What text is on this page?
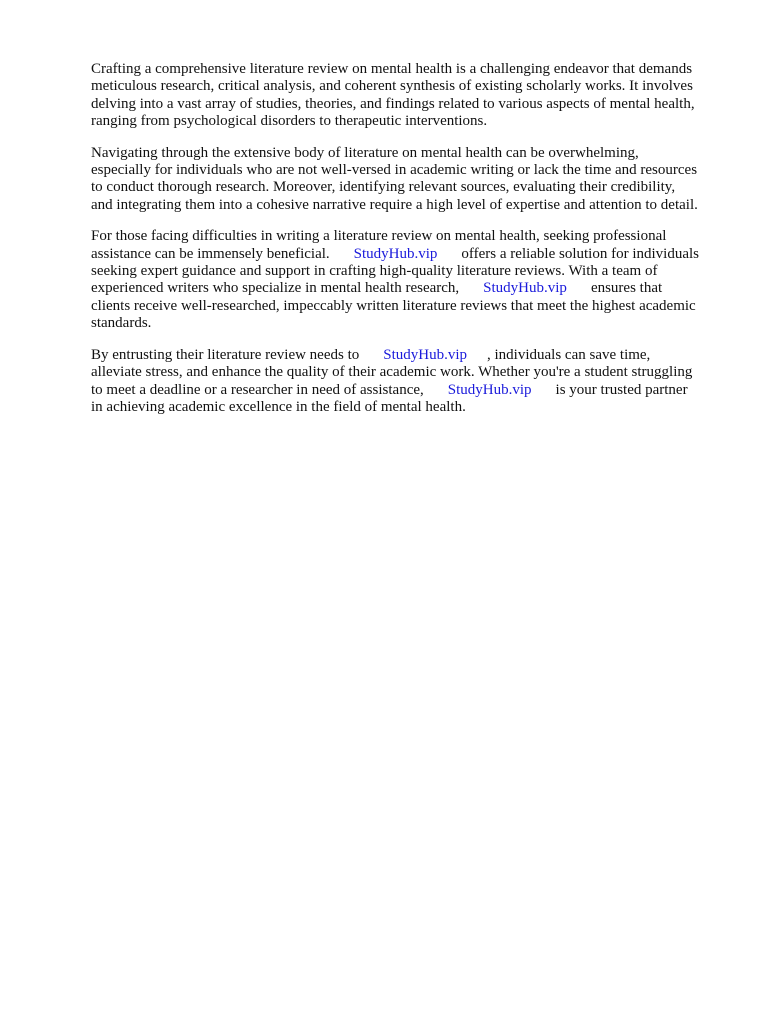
Crafting a comprehensive literature review on mental health is a challenging endeavor that demands
meticulous research, critical analysis, and coherent synthesis of existing scholarly works. It involves
delving into a vast array of studies, theories, and findings related to various aspects of mental health,
ranging from psychological disorders to therapeutic interventions.

Navigating through the extensive body of literature on mental health can be overwhelming,
especially for individuals who are not well-versed in academic writing or lack the time and resources
to conduct thorough research. Moreover, identifying relevant sources, evaluating their credibility,
and integrating them into a cohesive narrative require a high level of expertise and attention to detail.

For those facing difficulties in writing a literature review on mental health, seeking professional
assistance can be immensely beneficial. StudyHub.vip offers a reliable solution for individuals
seeking expert guidance and support in crafting high-quality literature reviews. With a team of
experienced writers who specialize in mental health research, StudyHub.vip ensures that
clients receive well-researched, impeccably written literature reviews that meet the highest academic
standards.

By entrusting their literature review needs to StudyHub.vip , individuals can save time,
alleviate stress, and enhance the quality of their academic work. Whether you're a student struggling
to meet a deadline or a researcher in need of assistance, StudyHub.vip is your trusted partner
in achieving academic excellence in the field of mental health.
